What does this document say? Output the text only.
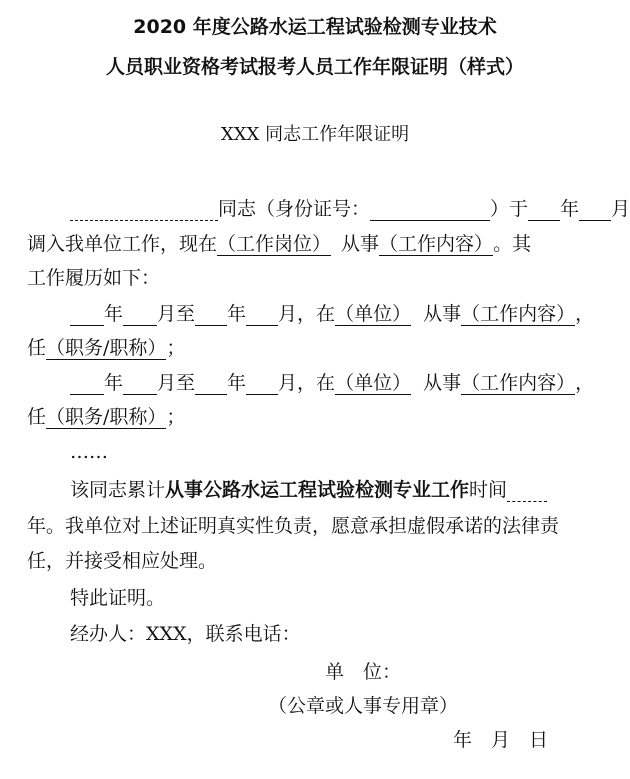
2020 年度公路水运工程试验检测专业技术
人员职业资格考试报考人员工作年限证明（样式）
XXX 同志工作年限证明
同志（身份证号：	）于 年 月
调入我单位工作，现在（工作岗位） 从事（工作内容）。其
工作履历如下：
年 月至 年 月，在（单位） 从事（工作内容），
任（职务/职称）；
年 月至 年 月，在（单位） 从事（工作内容），
任（职务/职称）；
……
该同志累计从事公路水运工程试验检测专业工作时间
年。我单位对上述证明真实性负责，愿意承担虚假承诺的法律责
任，并接受相应处理。
特此证明。
经办人：XXX，联系电话：
单　位：
（公章或人事专用章）
年　月　日
